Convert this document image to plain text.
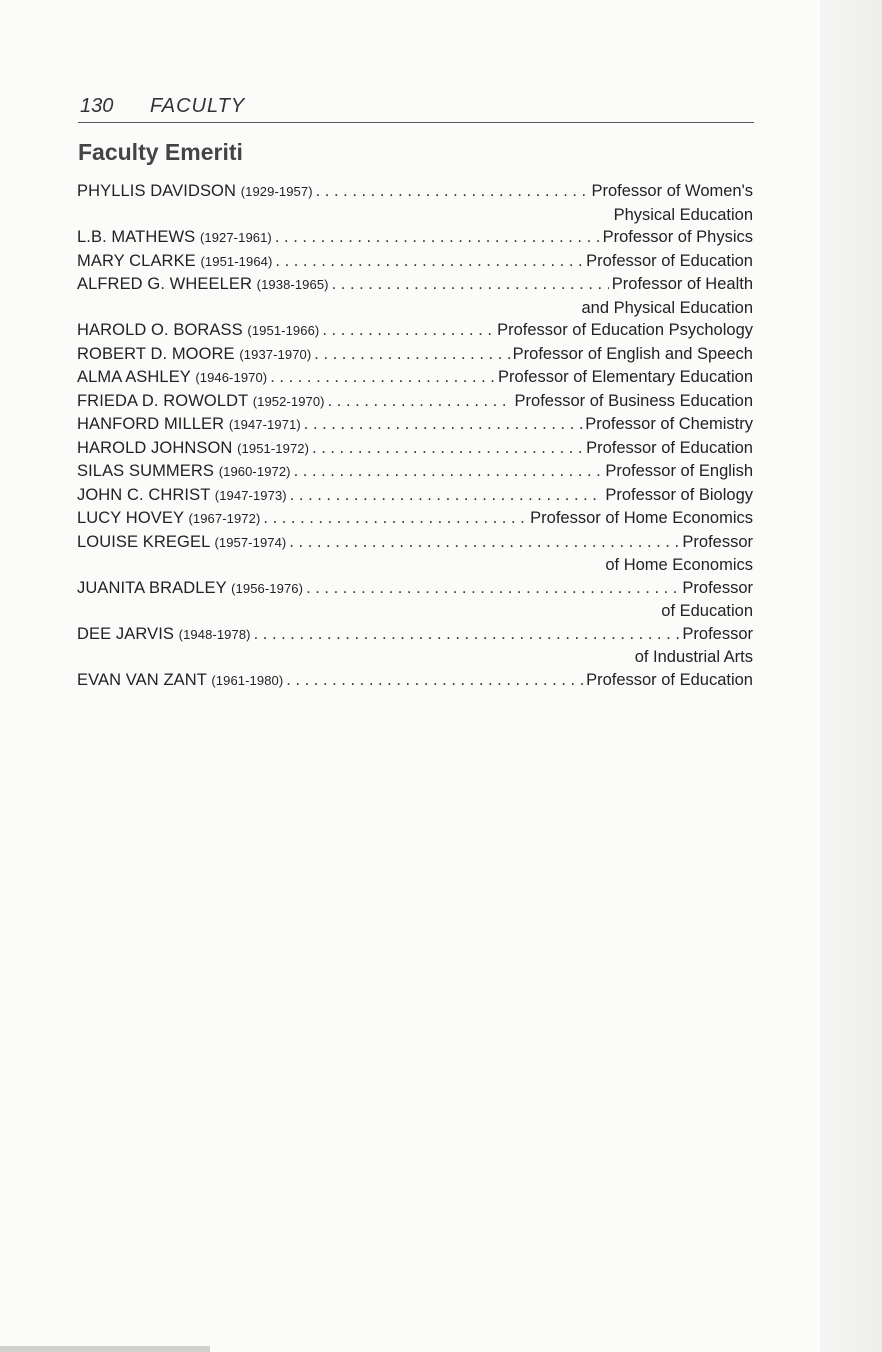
130 FACULTY
Faculty Emeriti
PHYLLIS DAVIDSON (1929-1957) . . .	Professor of Women's
Physical Education
L.B. MATHEWS (1927-1961) . . .	Professor of Physics
MARY CLARKE (1951-1964) . . .	Professor of Education
ALFRED G. WHEELER (1938-1965) . . .	Professor of Health
and Physical Education
HAROLD O. BORASS (1951-1966) . . .	Professor of Education Psychology
ROBERT D. MOORE (1937-1970) . . .	Professor of English and Speech
ALMA ASHLEY (1946-1970) . . .	Professor of Elementary Education
FRIEDA D. ROWOLDT (1952-1970) . . .	Professor of Business Education
HANFORD MILLER (1947-1971) . . .	Professor of Chemistry
HAROLD JOHNSON (1951-1972) . . .	Professor of Education
SILAS SUMMERS (1960-1972) . . .	Professor of English
JOHN C. CHRIST (1947-1973) . . .	Professor of Biology
LUCY HOVEY (1967-1972) . . .	Professor of Home Economics
LOUISE KREGEL (1957-1974) . . .	Professor
of Home Economics
JUANITA BRADLEY (1956-1976) . . .	Professor
of Education
DEE JARVIS (1948-1978) . . .	Professor
of Industrial Arts
EVAN VAN ZANT (1961-1980) . . .	Professor of Education
